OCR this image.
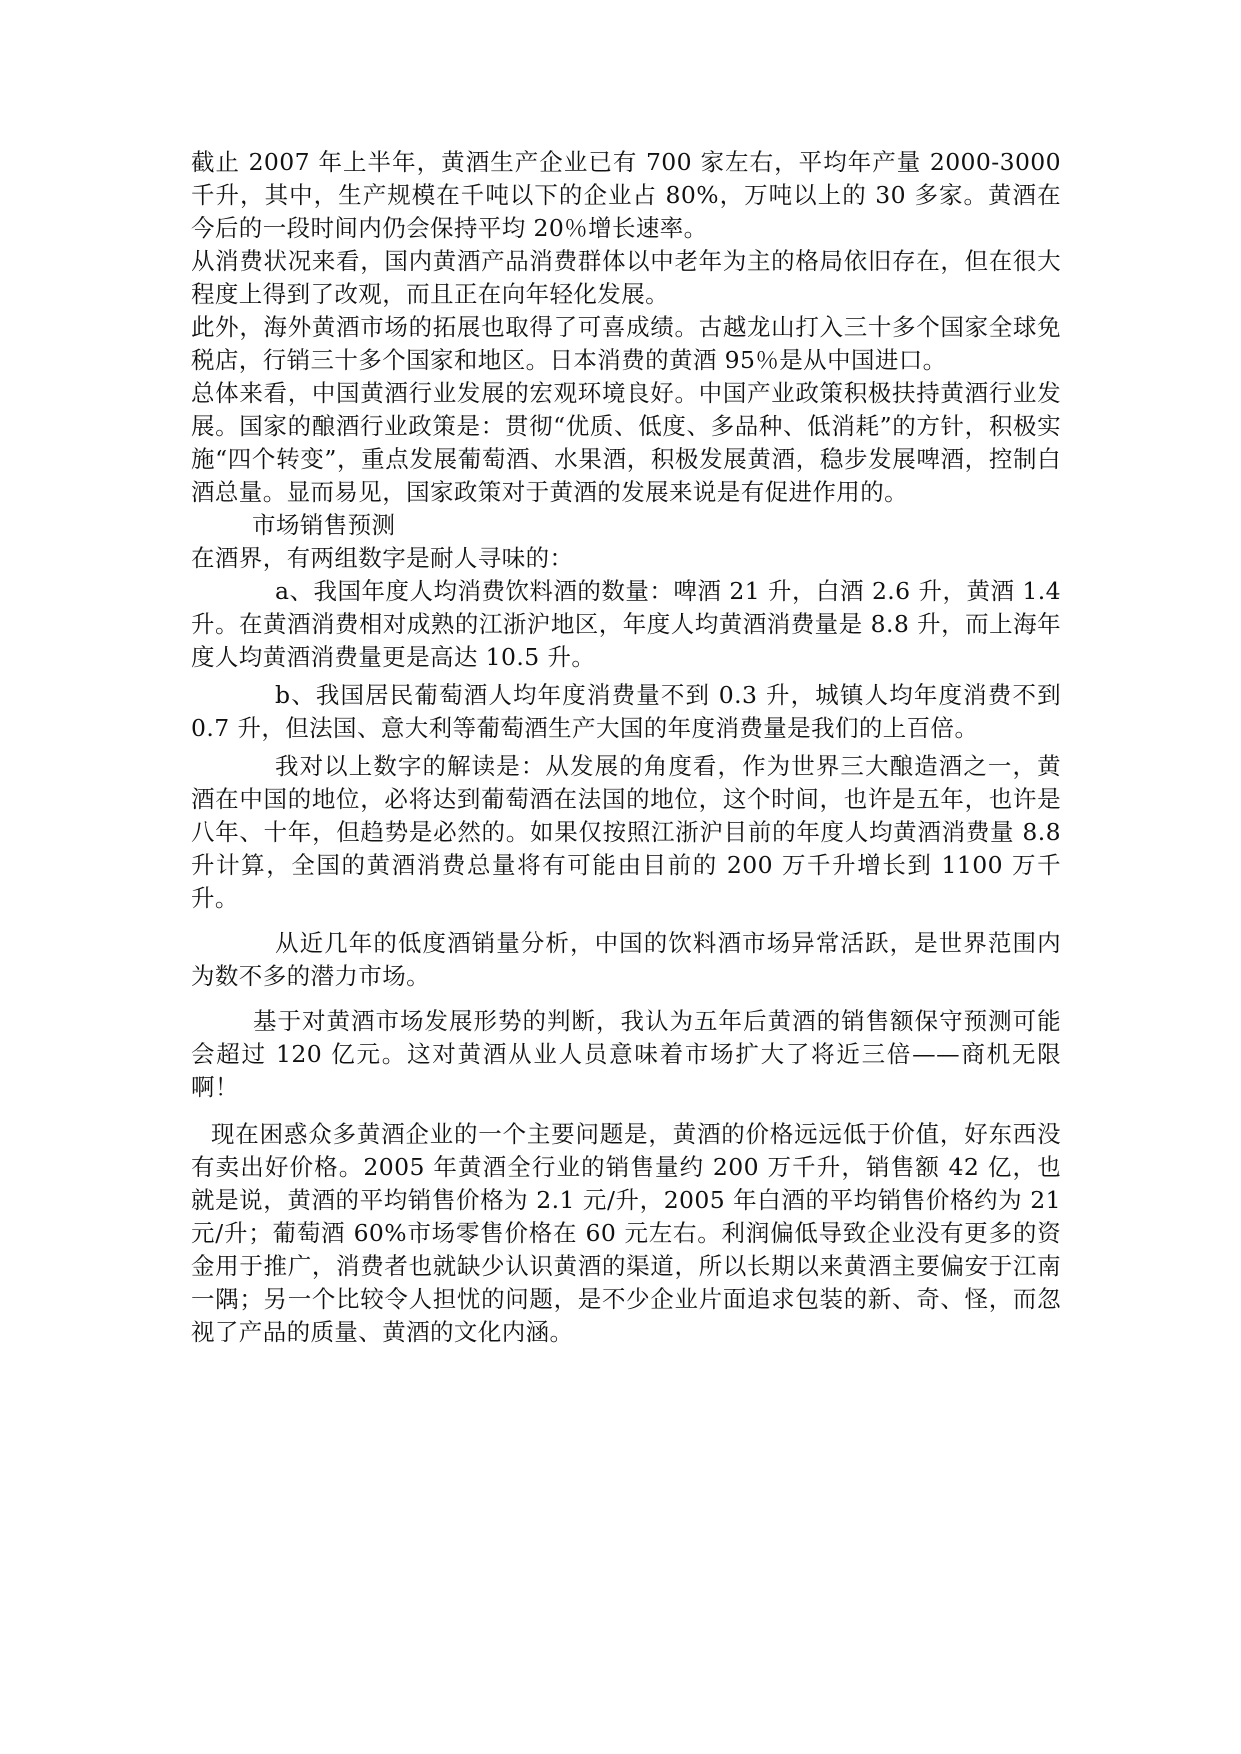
截止 2007 年上半年，黄酒生产企业已有 700 家左右，平均年产量 2000-3000 千升，其中，生产规模在千吨以下的企业占 80%，万吨以上的 30 多家。黄酒在今后的一段时间内仍会保持平均 20％增长速率。

从消费状况来看，国内黄酒产品消费群体以中老年为主的格局依旧存在，但在很大程度上得到了改观，而且正在向年轻化发展。

此外，海外黄酒市场的拓展也取得了可喜成绩。古越龙山打入三十多个国家全球免税店，行销三十多个国家和地区。日本消费的黄酒 95％是从中国进口。

总体来看，中国黄酒行业发展的宏观环境良好。中国产业政策积极扶持黄酒行业发展。国家的酿酒行业政策是：贯彻“优质、低度、多品种、低消耗”的方针，积极实施“四个转变”，重点发展葡萄酒、水果酒，积极发展黄酒，稳步发展啤酒，控制白酒总量。显而易见，国家政策对于黄酒的发展来说是有促进作用的。

市场销售预测

在酒界，有两组数字是耐人寻味的：

a、我国年度人均消费饮料酒的数量：啤酒 21 升，白酒 2.6 升，黄酒 1.4 升。在黄酒消费相对成熟的江浙沪地区，年度人均黄酒消费量是 8.8 升，而上海年度人均黄酒消费量更是高达 10.5 升。

b、我国居民葡萄酒人均年度消费量不到 0.3 升，城镇人均年度消费不到 0.7 升，但法国、意大利等葡萄酒生产大国的年度消费量是我们的上百倍。

我对以上数字的解读是：从发展的角度看，作为世界三大酿造酒之一，黄酒在中国的地位，必将达到葡萄酒在法国的地位，这个时间，也许是五年，也许是八年、十年，但趋势是必然的。如果仅按照江浙沪目前的年度人均黄酒消费量 8.8 升计算，全国的黄酒消费总量将有可能由目前的 200 万千升增长到 1100 万千升。

从近几年的低度酒销量分析，中国的饮料酒市场异常活跃，是世界范围内为数不多的潜力市场。

基于对黄酒市场发展形势的判断，我认为五年后黄酒的销售额保守预测可能会超过 120 亿元。这对黄酒从业人员意味着市场扩大了将近三倍——商机无限啊！

现在困惑众多黄酒企业的一个主要问题是，黄酒的价格远远低于价值，好东西没有卖出好价格。2005 年黄酒全行业的销售量约 200 万千升，销售额 42 亿，也就是说，黄酒的平均销售价格为 2.1 元/升，2005 年白酒的平均销售价格约为 21 元/升；葡萄酒 60%市场零售价格在 60 元左右。利润偏低导致企业没有更多的资金用于推广，消费者也就缺少认识黄酒的渠道，所以长期以来黄酒主要偏安于江南一隅；另一个比较令人担忧的问题，是不少企业片面追求包装的新、奇、怪，而忽视了产品的质量、黄酒的文化内涵。
